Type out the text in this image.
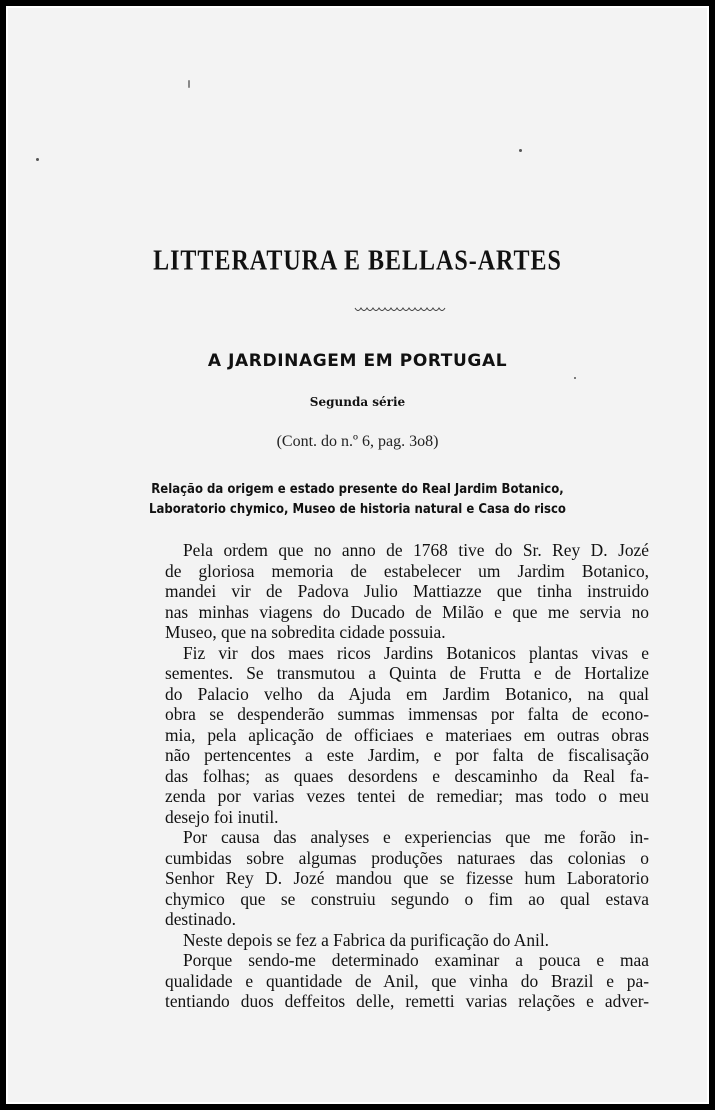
LITTERATURA E BELLAS-ARTES
A JARDINAGEM EM PORTUGAL
Segunda série

(Cont. do n.º 6, pag. 3o8)

Relação da origem e estado presente do Real Jardim Botanico,
Laboratorio chymico, Museo de historia natural e Casa do risco
Pela ordem que no anno de 1768 tive do Sr. Rey D. Jozé
de gloriosa memoria de estabelecer um Jardim Botanico,
mandei vir de Padova Julio Mattiazze que tinha instruido
nas minhas viagens do Ducado de Milão e que me servia no
Museo, que na sobredita cidade possuia.
Fiz vir dos maes ricos Jardins Botanicos plantas vivas e
sementes. Se transmutou a Quinta de Frutta e de Hortalize
do Palacio velho da Ajuda em Jardim Botanico, na qual
obra se despenderão summas immensas por falta de econo-
mia, pela aplicação de officiaes e materiaes em outras obras
não pertencentes a este Jardim, e por falta de fiscalisação
das folhas; as quaes desordens e descaminho da Real fa-
zenda por varias vezes tentei de remediar; mas todo o meu
desejo foi inutil.
Por causa das analyses e experiencias que me forão in-
cumbidas sobre algumas produções naturaes das colonias o
Senhor Rey D. Jozé mandou que se fizesse hum Laboratorio
chymico que se construiu segundo o fim ao qual estava
destinado.
Neste depois se fez a Fabrica da purificação do Anil.
Porque sendo-me determinado examinar a pouca e maa
qualidade e quantidade de Anil, que vinha do Brazil e pa-
tentiando duos deffeitos delle, remetti varias relações e adver-
